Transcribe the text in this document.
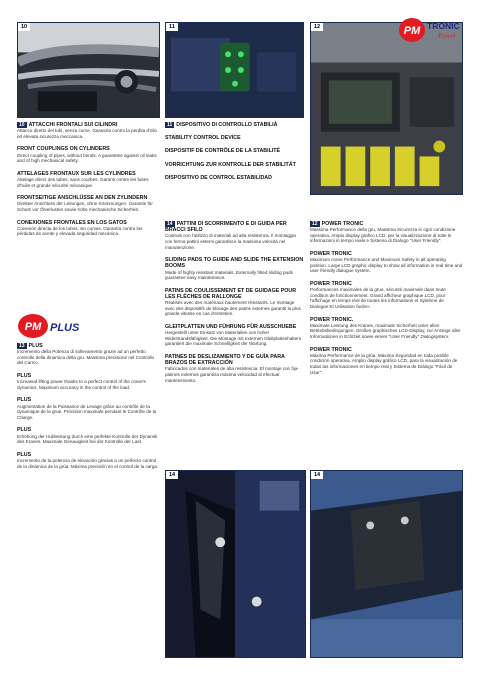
10	11	12	PM TRONIC
Power
10 ATTACCHI FRONTALI SUI CILINDRI

Attacco diretto dei tubi, senza curve. Garanzia contro la perdita d'olio ed elevata sicurezza meccanica.

FRONT COUPLINGS ON CYLINDERS

Direct coupling of pipes, without bends. A guarantee against oil leaks and of high mechanical safety.

ATTELAGES FRONTAUX SUR LES CYLINDRES

Attelage direct des tubes, sans courbes. Garanti contre les fuites d'huile et grande sécurité mécanique.

FRONTSEITIGE ANSCHLÜSSE AN DEN ZYLINDERN

Direkter Anschluss der Leitungen, ohne Krümmungen. Garantie für Schutz vor Ölverlusten sowie hohe mechanische Sicherheit.

CONEXIONES FRONTALES EN LOS GATOS

Conexión directa de los tubos, sin curvas. Garantía contra las pérdidas de aceite y elevada seguridad mecánica.

PM PLUS
13 PLUS

Incremento della Potenza di sollevamento grazie ad un perfetto controllo della dinamica della gru. Massima precisione nel Controllo del Carico.

PLUS

Increased lifting power thanks to a perfect control of the crane's dynamics. Maximum accuracy in the control of the load.

PLUS

Augmentation de la Puissance de Levage grâce au contrôle de la dynamique de la grue. Précision maximale pendant le Contrôle de la Charge.

PLUS

Erhöhung der Hubleistung durch eine perfekte Kontrolle der Dynamik des Kranes. Maximale Genauigkeit bei der Kontrolle der Last.

PLUS

Incremento de la potencia de elevación gracias a un perfecto control de la dinámica de la grúa. Máxima precisión en el control de la carga.

11 DISPOSITIVO DI CONTROLLO STABILIÀ
STABILITY CONTROL DEVICE
DISPOSITIF DE CONTRÔLE DE LA STABILITÉ
VORRICHTUNG ZUR KONTROLLE DER STABILITÄT
DISPOSITIVO DE CONTROL ESTABILIDAD
14 PATTINI DI SCORRIMENTO E DI GUIDA PER BRACCI SFILO

Costruiti con l'utilizzo di materiali ad alta resistenza. Il montaggio con ferma pattini esterni garantisce la massima velocità nel manutenzione.

SLIDING PADS TO GUIDE AND SLIDE THE EXTENSION BOOMS

Made of highly resistant materials. Externally fitted sliding pads guarantee easy maintenance.

PATINS DE COULISSEMENT ET DE GUIDAGE POUR LES FLÈCHES DE RALLONGE

Réalisés avec des matériaux hautement résistants. Le montage avec des dispositifs de blocage des patins externes garantit la plus grande vitesse en cas d'entretien.

GLEITPLATTEN UND FÜHRUNG FÜR AUSSCHUEBE

Hergestellt unter Einsatz von Materialien von hoher Widerstandsfähigkeit. Die Montage mit externen Gleitplattenhaltern garantiert die maximale Schnelligkeit der Wartung.

PATINES DE DESLIZAMIENTO Y DE GUÍA PARA BRAZOS DE EXTRACCIÓN

Fabricados con materiales de alta resistencia. El montaje con fija-patines externos garantiza máxima velocidad al efectuar mantenimiento.

12 POWER TRONIC

Massima Performance della gru, Massima Sicurezza in ogni condizione operativa. Ampio display grafico LCD, per la visualizzazione di tutte le informazioni in tempo reale e Sistema di Dialogo "User Friendly".

POWER TRONIC

Maximum crane Performance and Maximum Safety in all operating position. Large LCD graphic display to show all information in real time and user friendly dialogue system.

POWER TRONIC

Performances maximales de la grue, sécurité maximale dans toute condition de fonctionnement. Grand afficheur graphique LCD, pour l'affichage en temps réel de toutes les informations et Système de Dialogue Et Utilisation facile».

POWER TRONIC.

Maximale Leistung des Kranes, maximale Sicherheit unter allen Betriebsbedingungen. Großes graphisches LCD-Display, zur Anzeige aller Informationen in Echtzeit sowie einem "User Friendly" Dialogsystem.

POWER TRONIC

Máxima Performance de la grúa, Máxima Seguridad en toda posible condición operativa. Amplio display gráfico LCD, para la visualización de todas las informaciones en tiempo real y Sistema de Diálogo "Fácil de Usar".

14	14
